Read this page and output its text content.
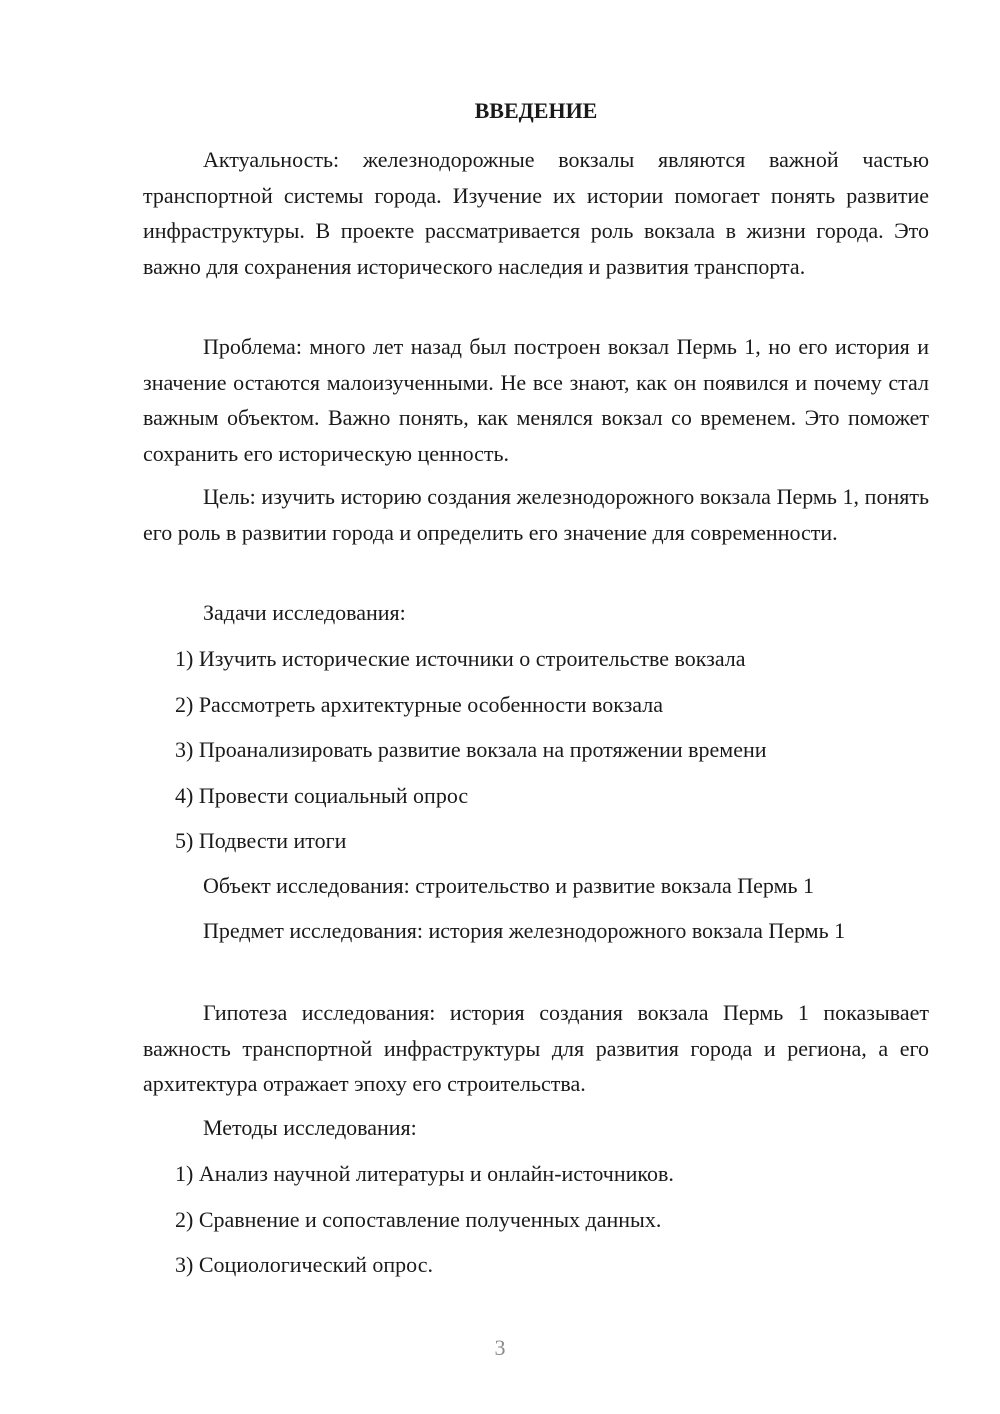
ВВЕДЕНИЕ

Актуальность: железнодорожные вокзалы являются важной частью транспортной системы города. Изучение их истории помогает понять развитие инфраструктуры. В проекте рассматривается роль вокзала в жизни города. Это важно для сохранения исторического наследия и развития транспорта.

Проблема: много лет назад был построен вокзал Пермь 1, но его история и значение остаются малоизученными. Не все знают, как он появился и почему стал важным объектом. Важно понять, как менялся вокзал со временем. Это поможет сохранить его историческую ценность.

Цель: изучить историю создания железнодорожного вокзала Пермь 1, понять его роль в развитии города и определить его значение для современности.

Задачи исследования:

1) Изучить исторические источники о строительстве вокзала

2) Рассмотреть архитектурные особенности вокзала

3) Проанализировать развитие вокзала на протяжении времени

4) Провести социальный опрос

5) Подвести итоги

Объект исследования: строительство и развитие вокзала Пермь 1

Предмет исследования: история железнодорожного вокзала Пермь 1

Гипотеза исследования: история создания вокзала Пермь 1 показывает важность транспортной инфраструктуры для развития города и региона, а его архитектура отражает эпоху его строительства.

Методы исследования:

1) Анализ научной литературы и онлайн-источников.

2) Сравнение и сопоставление полученных данных.

3) Социологический опрос.

3
